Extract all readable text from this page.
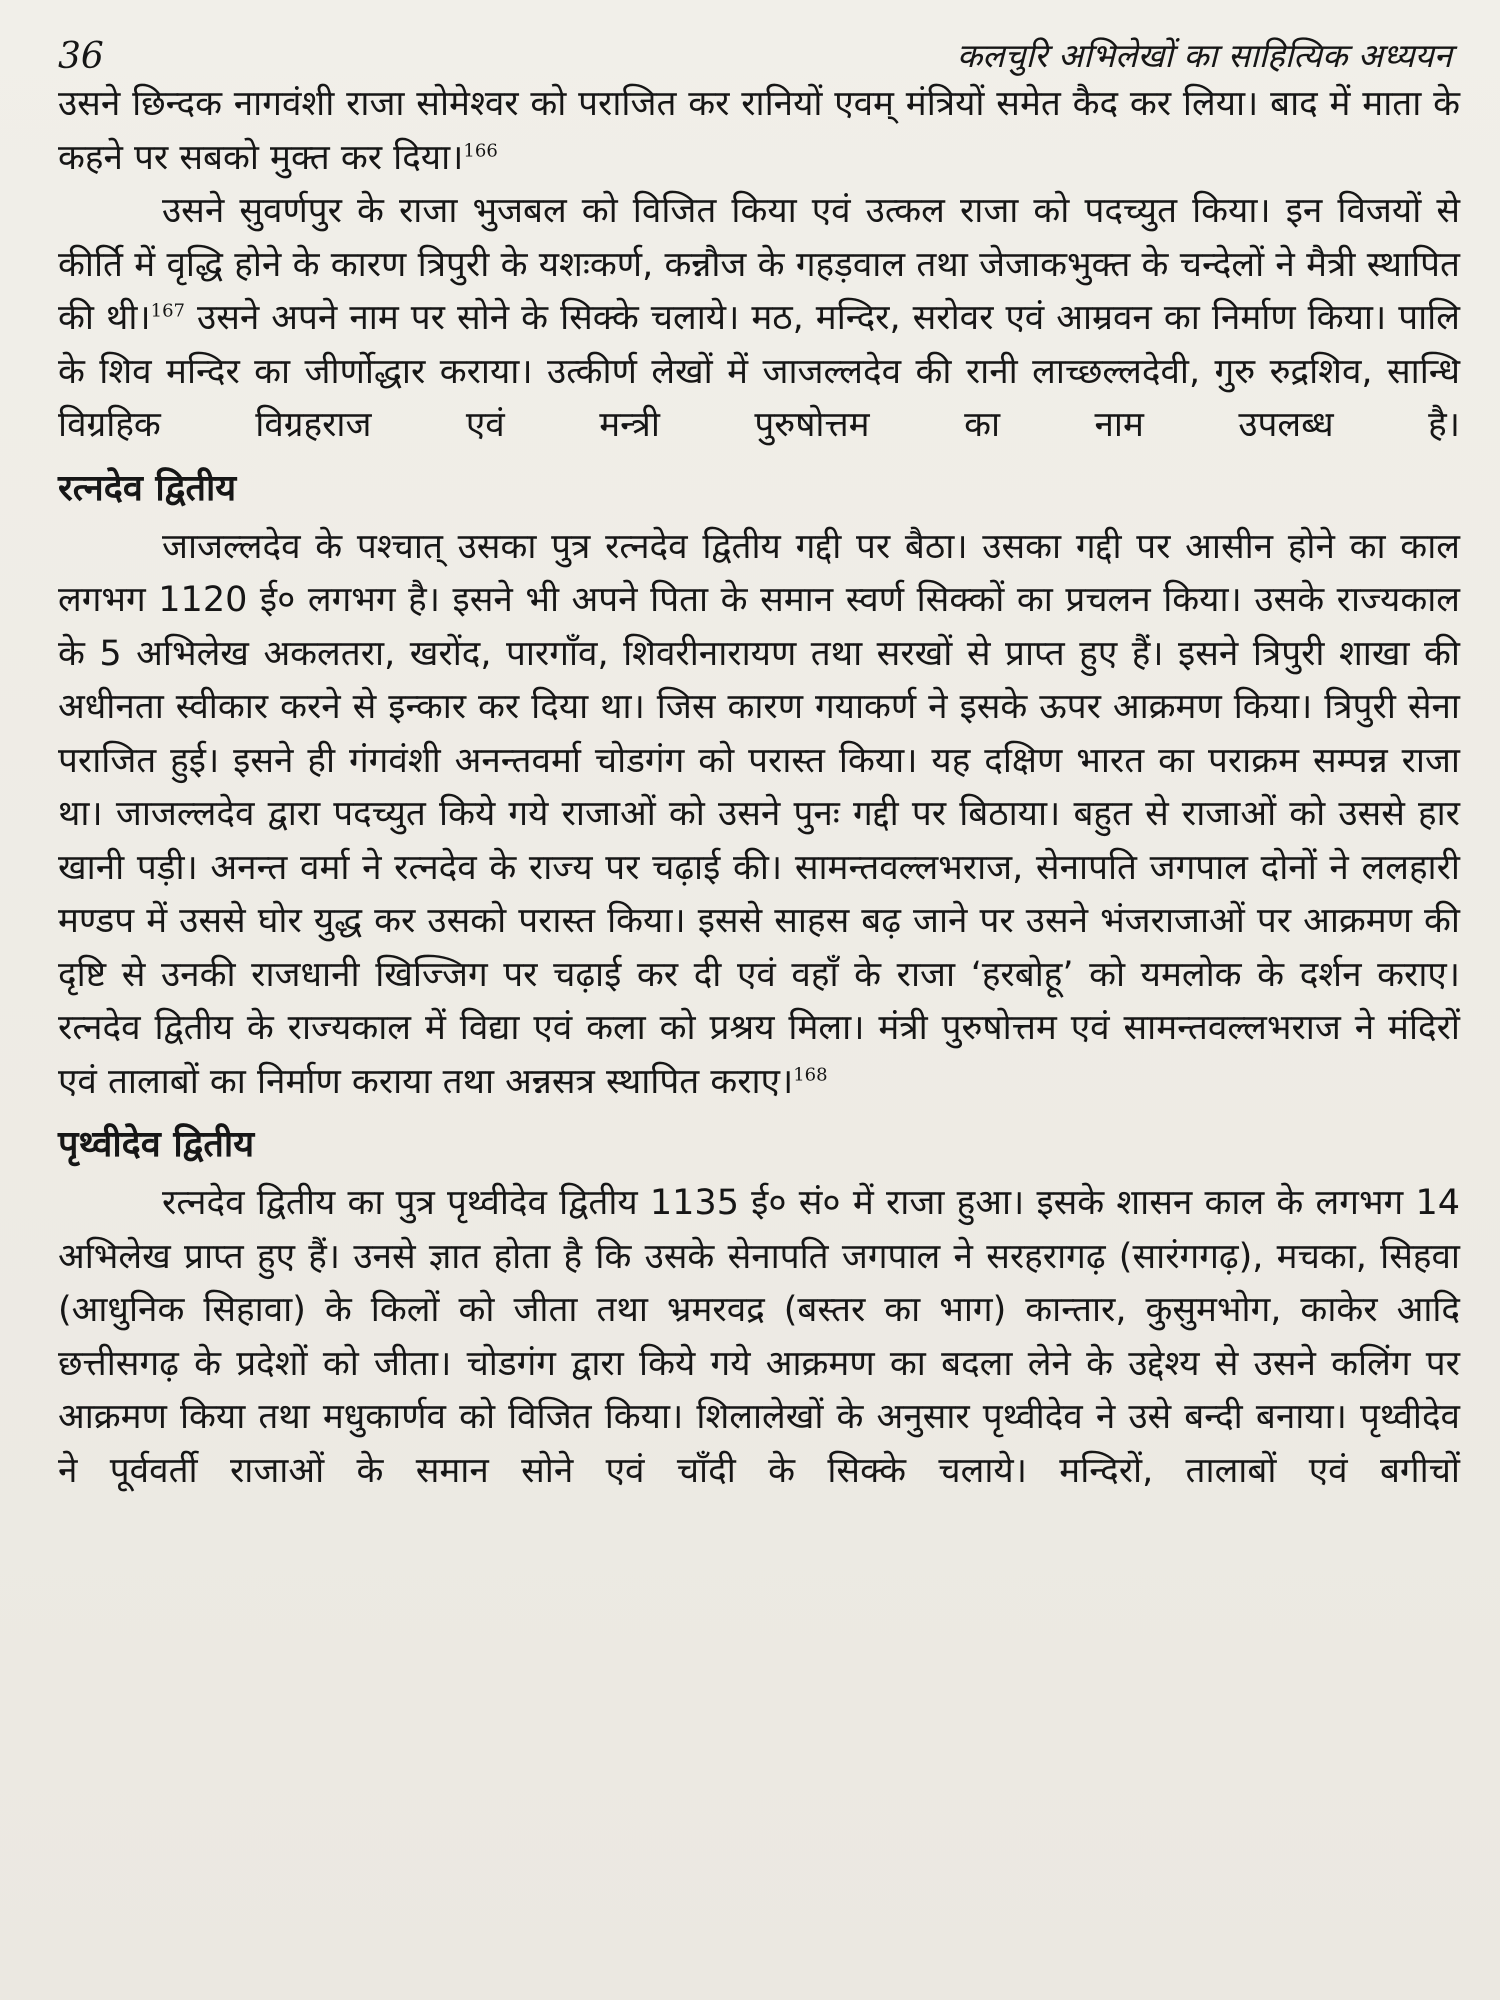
36	कलचुरि अभिलेखों का साहित्यिक अध्ययन

उसने छिन्दक नागवंशी राजा सोमेश्वर को पराजित कर रानियों एवम् मंत्रियों समेत कैद कर लिया। बाद में माता के कहने पर सबको मुक्त कर दिया।$^{166}$

उसने सुवर्णपुर के राजा भुजबल को विजित किया एवं उत्कल राजा को पदच्युत किया। इन विजयों से कीर्ति में वृद्धि होने के कारण त्रिपुरी के यशःकर्ण, कन्नौज के गहड़वाल तथा जेजाकभुक्त के चन्देलों ने मैत्री स्थापित की थी।$^{167}$ उसने अपने नाम पर सोने के सिक्के चलाये। मठ, मन्दिर, सरोवर एवं आम्रवन का निर्माण किया। पालि के शिव मन्दिर का जीर्णोद्धार कराया। उत्कीर्ण लेखों में जाजल्लदेव की रानी लाच्छल्लदेवी, गुरु रुद्रशिव, सान्धि विग्रहिक विग्रहराज एवं मन्त्री पुरुषोत्तम का नाम उपलब्ध है।

रत्नदेव द्वितीय

जाजल्लदेव के पश्चात् उसका पुत्र रत्नदेव द्वितीय गद्दी पर बैठा। उसका गद्दी पर आसीन होने का काल लगभग 1120 ई० लगभग है। इसने भी अपने पिता के समान स्वर्ण सिक्कों का प्रचलन किया। उसके राज्यकाल के 5 अभिलेख अकलतरा, खरोंद, पारगाँव, शिवरीनारायण तथा सरखों से प्राप्त हुए हैं। इसने त्रिपुरी शाखा की अधीनता स्वीकार करने से इन्कार कर दिया था। जिस कारण गयाकर्ण ने इसके ऊपर आक्रमण किया। त्रिपुरी सेना पराजित हुई। इसने ही गंगवंशी अनन्तवर्मा चोडगंग को परास्त किया। यह दक्षिण भारत का पराक्रम सम्पन्न राजा था। जाजल्लदेव द्वारा पदच्युत किये गये राजाओं को उसने पुनः गद्दी पर बिठाया। बहुत से राजाओं को उससे हार खानी पड़ी। अनन्त वर्मा ने रत्नदेव के राज्य पर चढ़ाई की। सामन्तवल्लभराज, सेनापति जगपाल दोनों ने ललहारी मण्डप में उससे घोर युद्ध कर उसको परास्त किया। इससे साहस बढ़ जाने पर उसने भंजराजाओं पर आक्रमण की दृष्टि से उनकी राजधानी खिज्जिग पर चढ़ाई कर दी एवं वहाँ के राजा ‘हरबोहू’ को यमलोक के दर्शन कराए। रत्नदेव द्वितीय के राज्यकाल में विद्या एवं कला को प्रश्रय मिला। मंत्री पुरुषोत्तम एवं सामन्तवल्लभराज ने मंदिरों एवं तालाबों का निर्माण कराया तथा अन्नसत्र स्थापित कराए।$^{168}$

पृथ्वीदेव द्वितीय

रत्नदेव द्वितीय का पुत्र पृथ्वीदेव द्वितीय 1135 ई० सं० में राजा हुआ। इसके शासन काल के लगभग 14 अभिलेख प्राप्त हुए हैं। उनसे ज्ञात होता है कि उसके सेनापति जगपाल ने सरहरागढ़ (सारंगगढ़), मचका, सिहवा (आधुनिक सिहावा) के किलों को जीता तथा भ्रमरवद्र (बस्तर का भाग) कान्तार, कुसुमभोग, काकेर आदि छत्तीसगढ़ के प्रदेशों को जीता। चोडगंग द्वारा किये गये आक्रमण का बदला लेने के उद्देश्य से उसने कलिंग पर आक्रमण किया तथा मधुकार्णव को विजित किया। शिलालेखों के अनुसार पृथ्वीदेव ने उसे बन्दी बनाया। पृथ्वीदेव ने पूर्ववर्ती राजाओं के समान सोने एवं चाँदी के सिक्के चलाये। मन्दिरों, तालाबों एवं बगीचों
